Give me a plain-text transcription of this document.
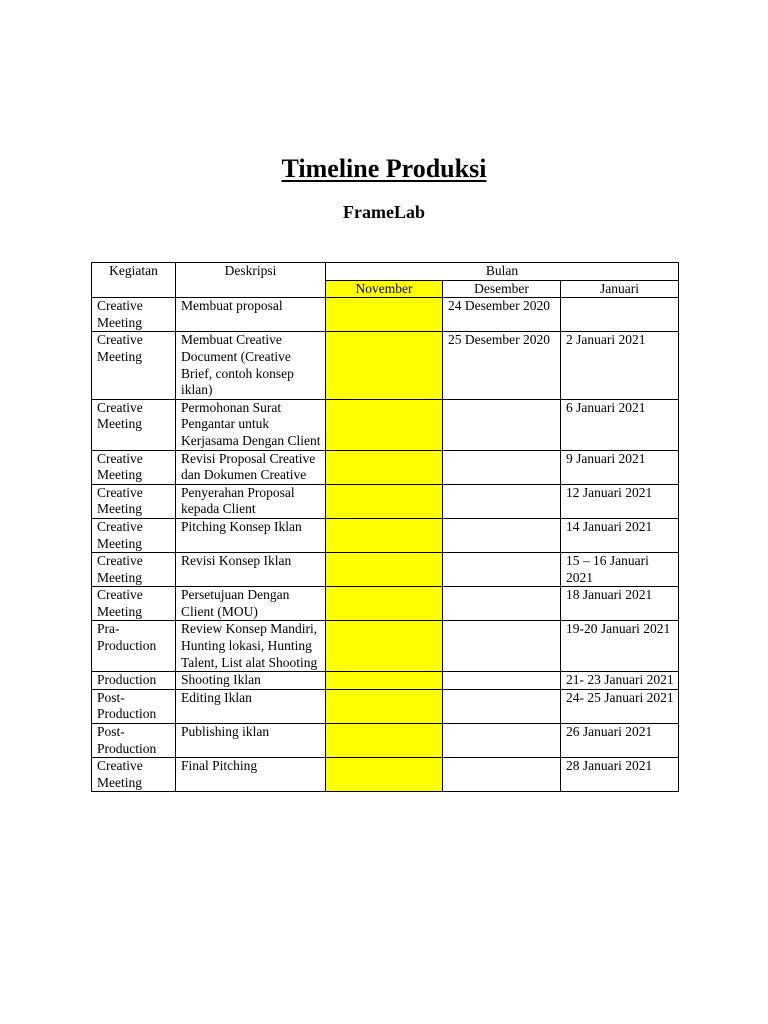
Timeline Produksi
FrameLab
Kegiatan	Deskripsi	Bulan		
		November	Desember	Januari
Creative Meeting	Membuat proposal		24 Desember 2020	
Creative Meeting	Membuat Creative Document (Creative Brief, contoh konsep iklan)		25 Desember 2020	2 Januari 2021
Creative Meeting	Permohonan Surat Pengantar untuk Kerjasama Dengan Client			6 Januari 2021
Creative Meeting	Revisi Proposal Creative dan Dokumen Creative			9 Januari 2021
Creative Meeting	Penyerahan Proposal kepada Client			12 Januari 2021
Creative Meeting	Pitching Konsep Iklan			14 Januari 2021
Creative Meeting	Revisi Konsep Iklan			15 – 16 Januari 2021
Creative Meeting	Persetujuan Dengan Client (MOU)			18 Januari 2021
Pra-Production	Review Konsep Mandiri, Hunting lokasi, Hunting Talent, List alat Shooting			19-20 Januari 2021
Production	Shooting Iklan			21- 23 Januari 2021
Post-Production	Editing Iklan			24- 25 Januari 2021
Post-Production	Publishing iklan			26 Januari 2021
Creative Meeting	Final Pitching			28 Januari 2021
